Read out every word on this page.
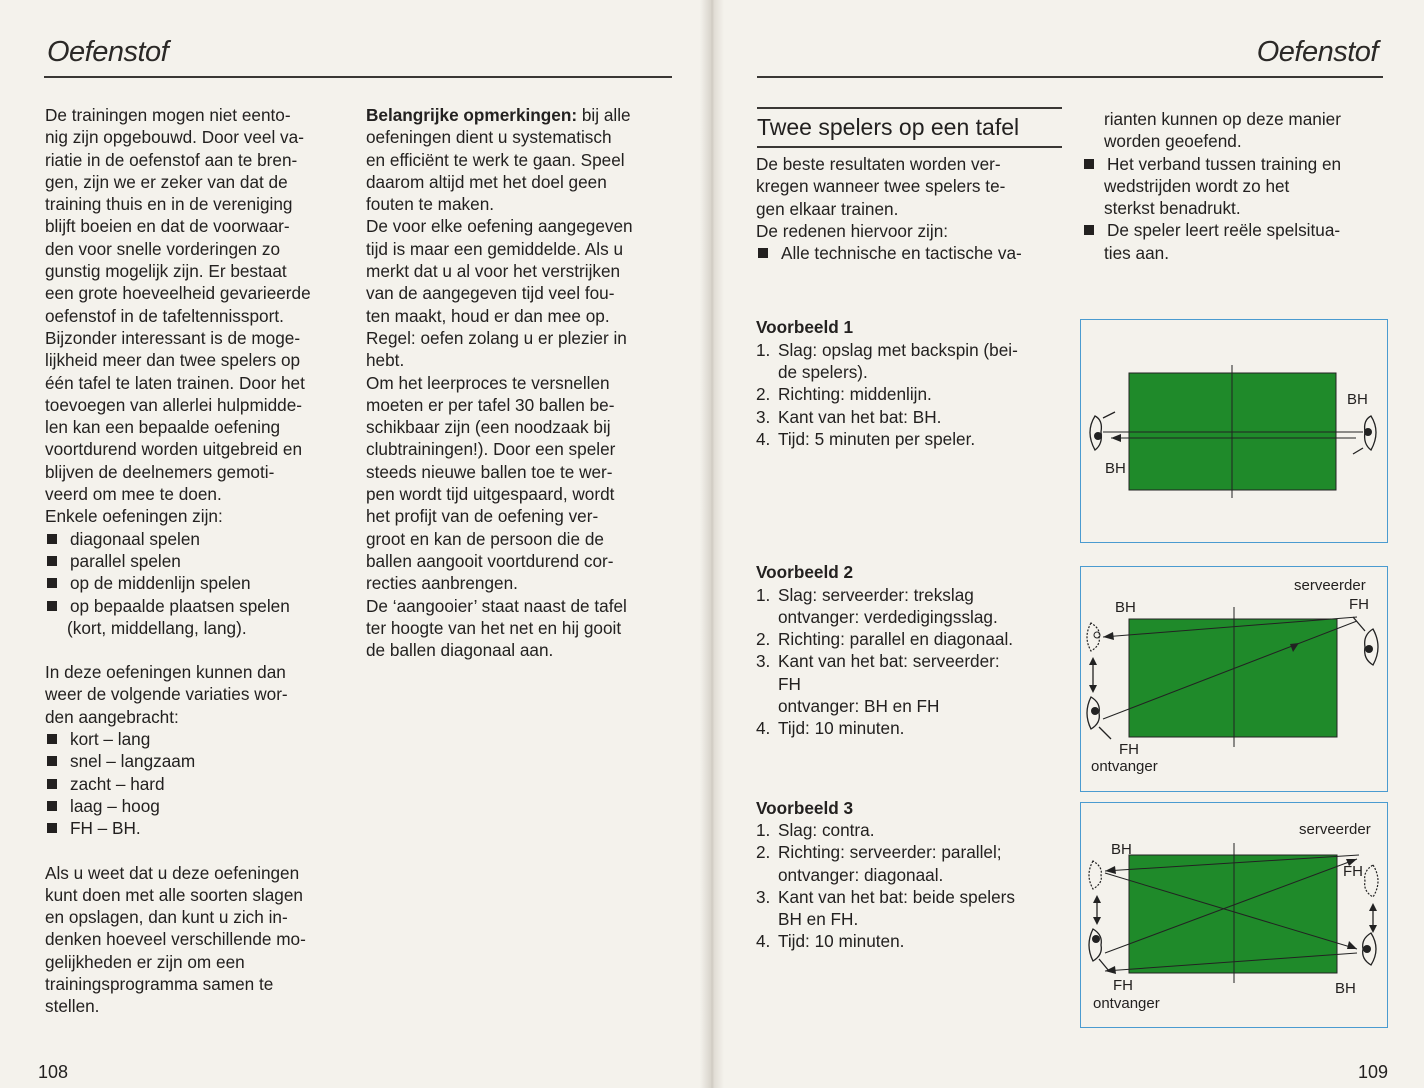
Oefenstof

De trainingen mogen niet eento-

nig zijn opgebouwd. Door veel va-

riatie in de oefenstof aan te bren-

gen, zijn we er zeker van dat de

training thuis en in de vereniging

blijft boeien en dat de voorwaar-

den voor snelle vorderingen zo

gunstig mogelijk zijn. Er bestaat

een grote hoeveelheid gevarieerde

oefenstof in de tafeltennissport.

Bijzonder interessant is de moge-

lijkheid meer dan twee spelers op

één tafel te laten trainen. Door het

toevoegen van allerlei hulpmidde-

len kan een bepaalde oefening

voortdurend worden uitgebreid en

blijven de deelnemers gemoti-

veerd om mee te doen.

Enkele oefeningen zijn:

diagonaal spelen

parallel spelen

op de middenlijn spelen

op bepaalde plaatsen spelen

(kort, middellang, lang).

In deze oefeningen kunnen dan

weer de volgende variaties wor-

den aangebracht:

kort – lang

snel – langzaam

zacht – hard

laag – hoog

FH – BH.

Als u weet dat u deze oefeningen

kunt doen met alle soorten slagen

en opslagen, dan kunt u zich in-

denken hoeveel verschillende mo-

gelijkheden er zijn om een

trainingsprogramma samen te

stellen.

Belangrijke opmerkingen: bij alle

oefeningen dient u systematisch

en efficiënt te werk te gaan. Speel

daarom altijd met het doel geen

fouten te maken.

De voor elke oefening aangegeven

tijd is maar een gemiddelde. Als u

merkt dat u al voor het verstrijken

van de aangegeven tijd veel fou-

ten maakt, houd er dan mee op.

Regel: oefen zolang u er plezier in

hebt.

Om het leerproces te versnellen

moeten er per tafel 30 ballen be-

schikbaar zijn (een noodzaak bij

clubtrainingen!). Door een speler

steeds nieuwe ballen toe te wer-

pen wordt tijd uitgespaard, wordt

het profijt van de oefening ver-

groot en kan de persoon die de

ballen aangooit voortdurend cor-

recties aanbrengen.

De ‘aangooier’ staat naast de tafel

ter hoogte van het net en hij gooit

de ballen diagonaal aan.

108
Oefenstof
Twee spelers op een tafel

De beste resultaten worden ver-

kregen wanneer twee spelers te-

gen elkaar trainen.

De redenen hiervoor zijn:

Alle technische en tactische va-

Voorbeeld 1

1. Slag: opslag met backspin (bei-

de spelers).

2. Richting: middenlijn.

3. Kant van het bat: BH.

4. Tijd: 5 minuten per speler.

Voorbeeld 2

1. Slag: serveerder: trekslag

ontvanger: verdedigingsslag.

2. Richting: parallel en diagonaal.

3. Kant van het bat: serveerder:

FH

ontvanger: BH en FH

4. Tijd: 10 minuten.

Voorbeeld 3

1. Slag: contra.

2. Richting: serveerder: parallel;

ontvanger: diagonaal.

3. Kant van het bat: beide spelers

BH en FH.

4. Tijd: 10 minuten.

rianten kunnen op deze manier

worden geoefend.

Het verband tussen training en

wedstrijden wordt zo het

sterkst benadrukt.

De speler leert reële spelsitua-

ties aan.

BH
BH
serveerder
FH
BH
FH
ontvanger
serveerder
BH
FH
FH
ontvanger
BH
109
